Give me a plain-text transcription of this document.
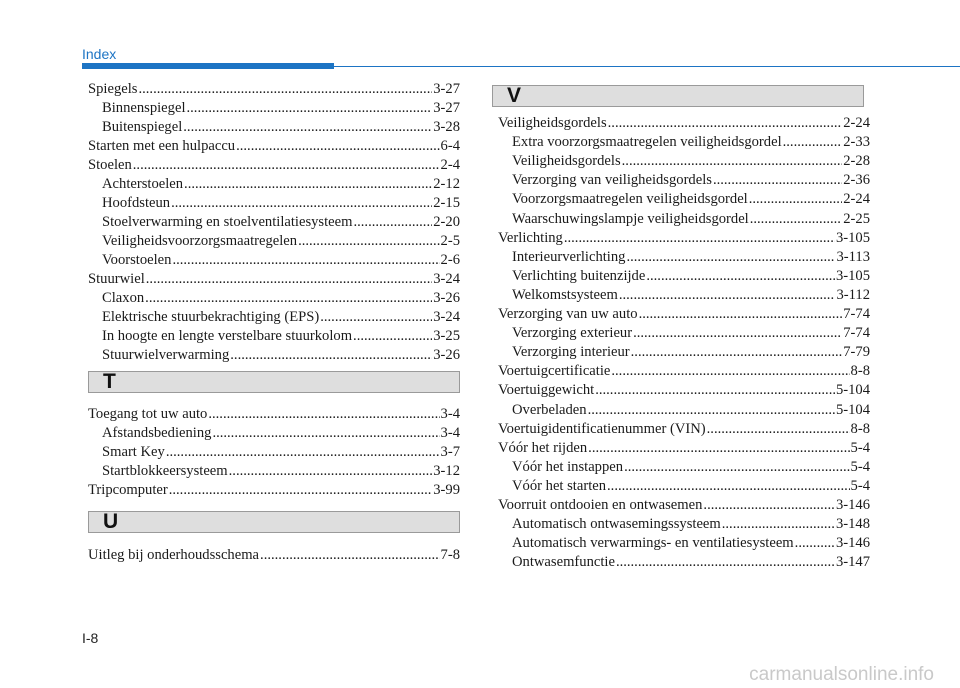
Index
Spiegels .....	3-27
Binnenspiegel .....	3-27
Buitenspiegel .....	3-28
Starten met een hulpaccu .....	6-4
Stoelen .....	2-4
Achterstoelen .....	2-12
Hoofdsteun .....	2-15
Stoelverwarming en stoelventilatiesysteem .....	2-20
Veiligheidsvoorzorgsmaatregelen .....	2-5
Voorstoelen .....	2-6
Stuurwiel .....	3-24
Claxon .....	3-26
Elektrische stuurbekrachtiging (EPS) .....	3-24
In hoogte en lengte verstelbare stuurkolom .....	3-25
Stuurwielverwarming .....	3-26
T
Toegang tot uw auto .....	3-4
Afstandsbediening .....	3-4
Smart Key .....	3-7
Startblokkeersysteem .....	3-12
Tripcomputer .....	3-99
U
Uitleg bij onderhoudsschema .....	7-8
V
Veiligheidsgordels .....	2-24
Extra voorzorgsmaatregelen veiligheidsgordel .....	2-33
Veiligheidsgordels .....	2-28
Verzorging van veiligheidsgordels .....	2-36
Voorzorgsmaatregelen veiligheidsgordel .....	2-24
Waarschuwingslampje veiligheidsgordel .....	2-25
Verlichting .....	3-105
Interieurverlichting .....	3-113
Verlichting buitenzijde .....	3-105
Welkomstsysteem .....	3-112
Verzorging van uw auto .....	7-74
Verzorging exterieur .....	7-74
Verzorging interieur .....	7-79
Voertuigcertificatie .....	8-8
Voertuiggewicht .....	5-104
Overbeladen .....	5-104
Voertuigidentificatienummer (VIN) .....	8-8
Vóór het rijden .....	5-4
Vóór het instappen .....	5-4
Vóór het starten .....	5-4
Voorruit ontdooien en ontwasemen .....	3-146
Automatisch ontwasemingssysteem .....	3-148
Automatisch verwarmings- en ventilatiesysteem .....	3-146
Ontwasemfunctie .....	3-147
I-8
carmanualsonline.info
